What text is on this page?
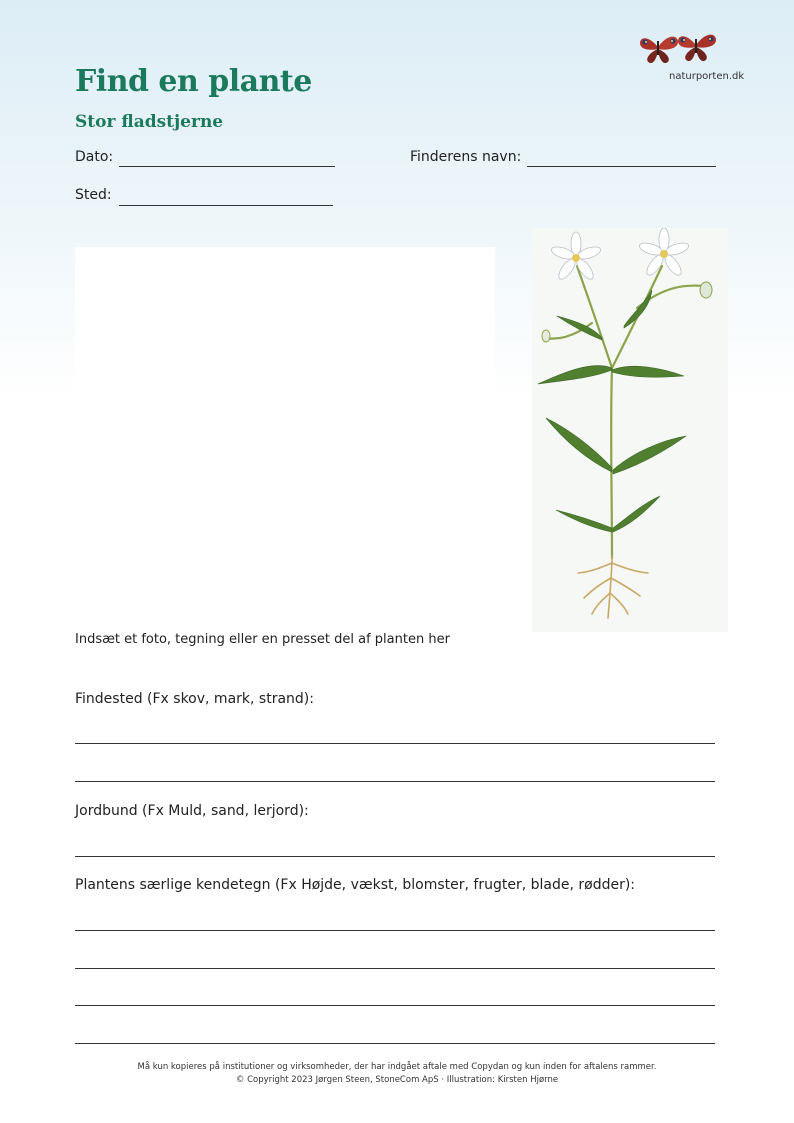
naturporten.dk
Find en plante
Stor fladstjerne
Dato:	Finderens navn:
Sted:
Indsæt et foto, tegning eller en presset del af planten her
Findested (Fx skov, mark, strand):
Jordbund (Fx Muld, sand, lerjord):
Plantens særlige kendetegn (Fx Højde, vækst, blomster, frugter, blade, rødder):
Må kun kopieres på institutioner og virksomheder, der har indgået aftale med Copydan og kun inden for aftalens rammer.
© Copyright 2023 Jørgen Steen, StoneCom ApS · Illustration: Kirsten Hjørne
